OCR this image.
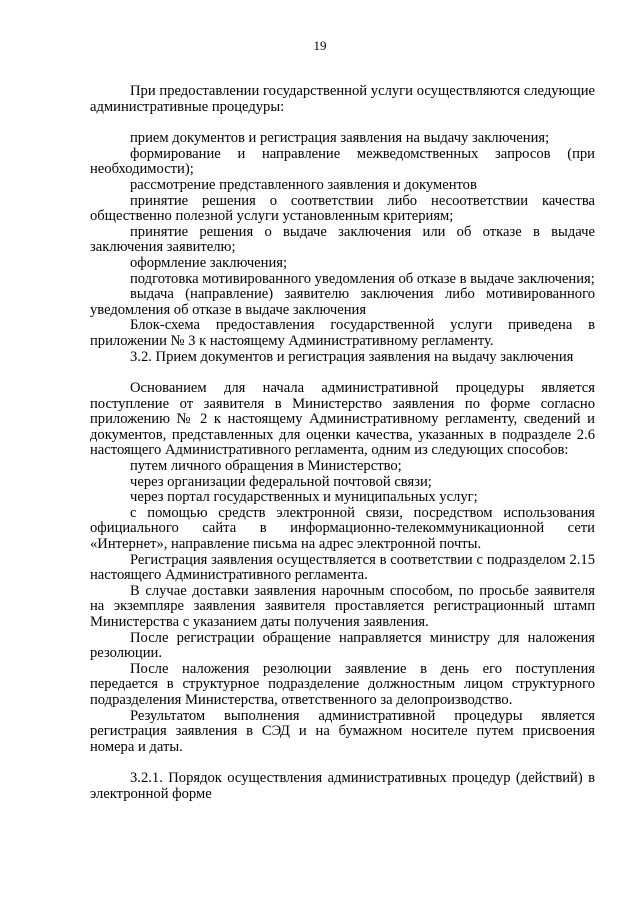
19

При предоставлении государственной услуги осуществляются следующие административные процедуры:

прием документов и регистрация заявления на выдачу заключения;

формирование и направление межведомственных запросов (при необходимости);

рассмотрение представленного заявления и документов

принятие решения о соответствии либо несоответствии качества общественно полезной услуги установленным критериям;

принятие решения о выдаче заключения или об отказе в выдаче заключения заявителю;

оформление заключения;

подготовка мотивированного уведомления об отказе в выдаче заключения;

выдача (направление) заявителю заключения либо мотивированного уведомления об отказе в выдаче заключения

Блок-схема предоставления государственной услуги приведена в приложении № 3 к настоящему Административному регламенту.

3.2. Прием документов и регистрация заявления на выдачу заключения

Основанием для начала административной процедуры является поступление от заявителя в Министерство заявления по форме согласно приложению № 2 к настоящему Административному регламенту, сведений и документов, представленных для оценки качества, указанных в подразделе 2.6 настоящего Административного регламента, одним из следующих способов:

путем личного обращения в Министерство;

через организации федеральной почтовой связи;

через портал государственных и муниципальных услуг;

с помощью средств электронной связи, посредством использования официального сайта в информационно-телекоммуникационной сети «Интернет», направление письма на адрес электронной почты.

Регистрация заявления осуществляется в соответствии с подразделом 2.15 настоящего Административного регламента.

В случае доставки заявления нарочным способом, по просьбе заявителя на экземпляре заявления заявителя проставляется регистрационный штамп Министерства с указанием даты получения заявления.

После регистрации обращение направляется министру для наложения резолюции.

После наложения резолюции заявление в день его поступления передается в структурное подразделение должностным лицом структурного подразделения Министерства, ответственного за делопроизводство.

Результатом выполнения административной процедуры является регистрация заявления в СЭД и на бумажном носителе путем присвоения номера и даты.

3.2.1. Порядок осуществления административных процедур (действий) в электронной форме
